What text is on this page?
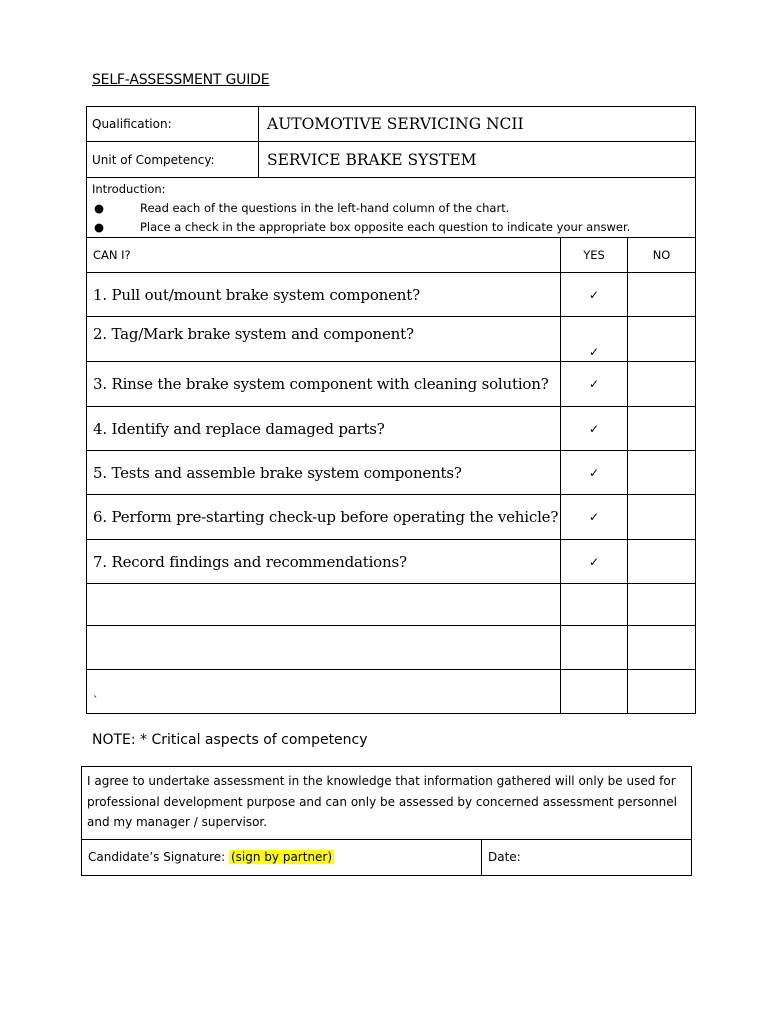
SELF-ASSESSMENT GUIDE
Qualification:	AUTOMOTIVE SERVICING NCII		
Unit of Competency:	SERVICE BRAKE SYSTEM		

Introduction:
● Read each of the questions in the left-hand column of the chart.
● Place a check in the appropriate box opposite each question to indicate your answer.			

CAN I?		YES	NO
1. Pull out/mount brake system component?		✓	
2. Tag/Mark brake system and component?		✓	
3. Rinse the brake system component with cleaning solution?		✓	
4. Identify and replace damaged parts?		✓	
5. Tests and assemble brake system components?		✓	
6. Perform pre-starting check-up before operating the vehicle?		✓	
7. Record findings and recommendations?		✓	

`			
NOTE: * Critical aspects of competency
I agree to undertake assessment in the knowledge that information gathered will only be used for professional development purpose and can only be assessed by concerned assessment personnel and my manager / supervisor.
Candidate’s Signature: (sign by partner)	Date:
